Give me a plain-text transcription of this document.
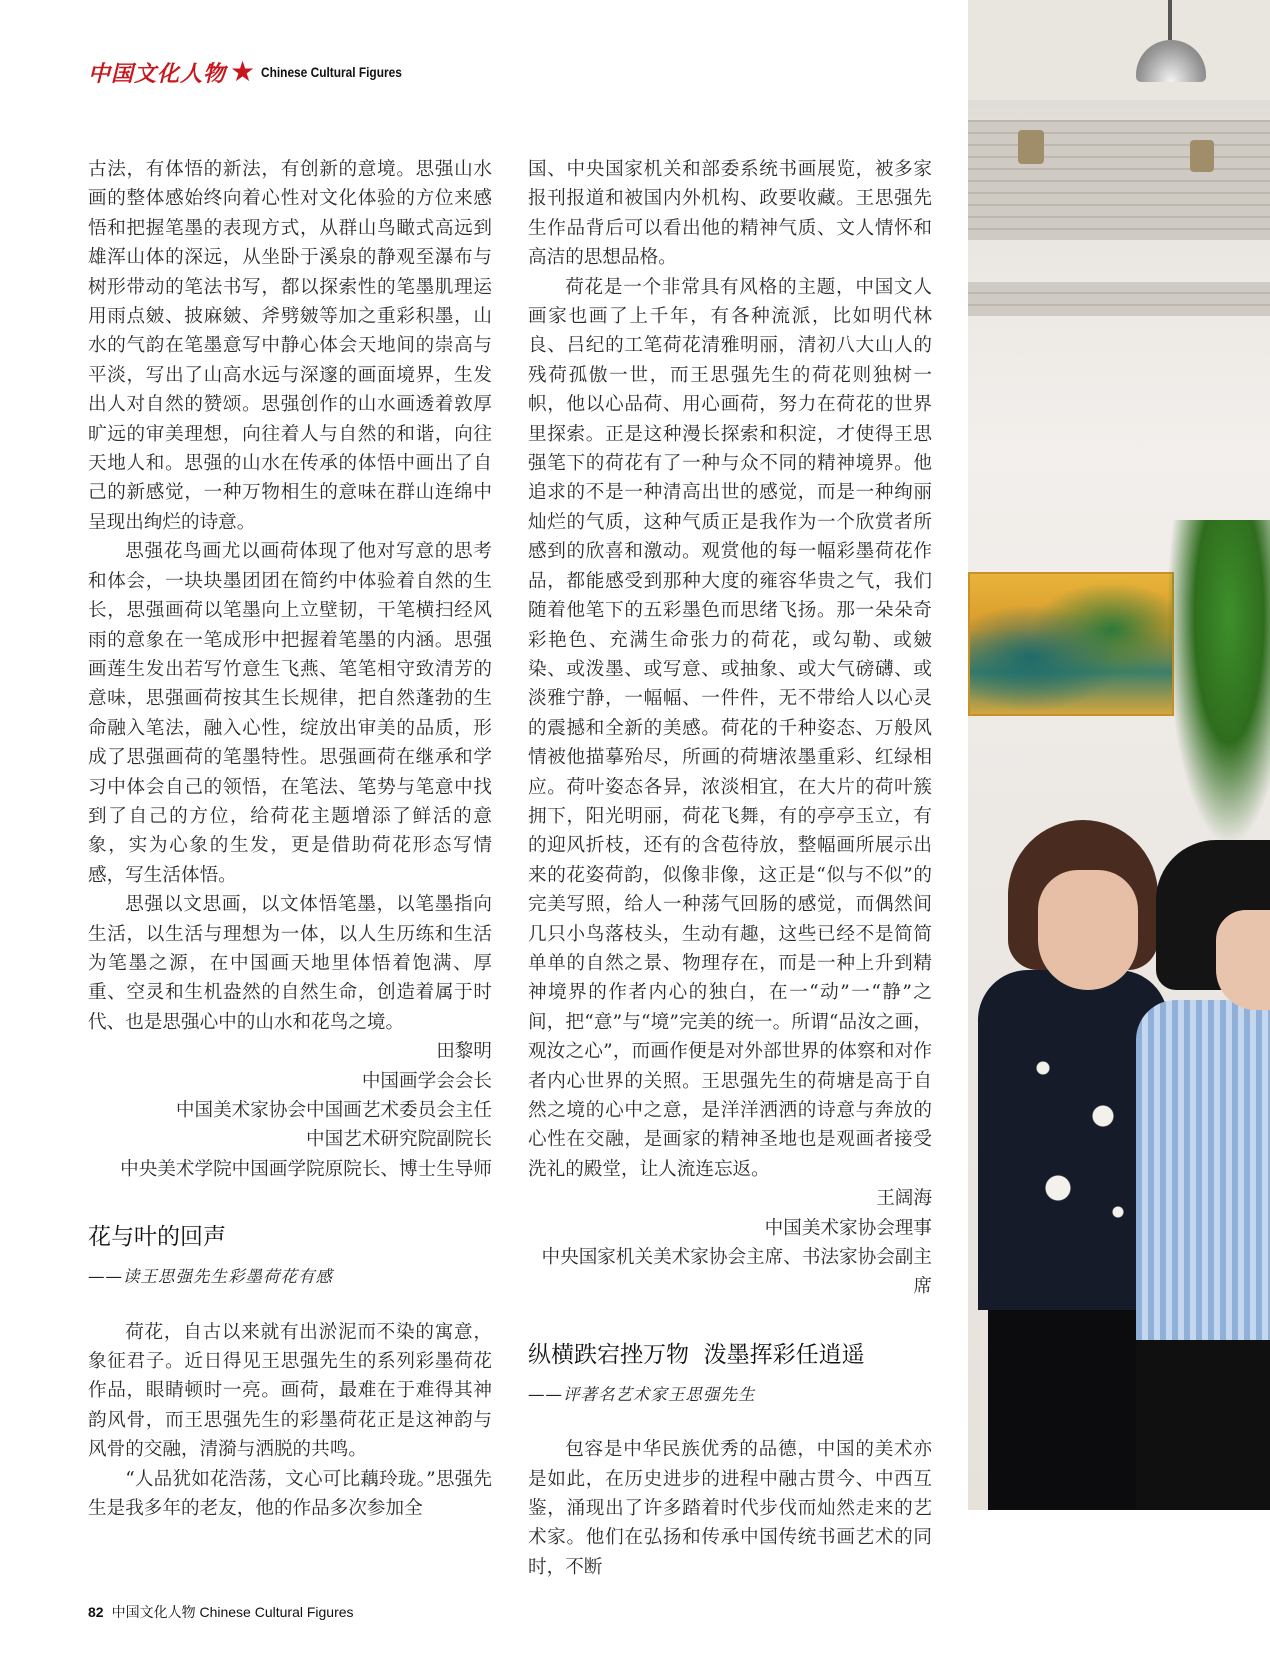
中国文化人物 ★ Chinese Cultural Figures

古法，有体悟的新法，有创新的意境。思强山水画的整体感始终向着心性对文化体验的方位来感悟和把握笔墨的表现方式，从群山鸟瞰式高远到雄浑山体的深远，从坐卧于溪泉的静观至瀑布与树形带动的笔法书写，都以探索性的笔墨肌理运用雨点皴、披麻皴、斧劈皴等加之重彩积墨，山水的气韵在笔墨意写中静心体会天地间的崇高与平淡，写出了山高水远与深邃的画面境界，生发出人对自然的赞颂。思强创作的山水画透着敦厚旷远的审美理想，向往着人与自然的和谐，向往天地人和。思强的山水在传承的体悟中画出了自己的新感觉，一种万物相生的意味在群山连绵中呈现出绚烂的诗意。

思强花鸟画尤以画荷体现了他对写意的思考和体会，一块块墨团团在简约中体验着自然的生长，思强画荷以笔墨向上立壁韧，干笔横扫经风雨的意象在一笔成形中把握着笔墨的内涵。思强画莲生发出若写竹意生飞燕、笔笔相守致清芳的意味，思强画荷按其生长规律，把自然蓬勃的生命融入笔法，融入心性，绽放出审美的品质，形成了思强画荷的笔墨特性。思强画荷在继承和学习中体会自己的领悟，在笔法、笔势与笔意中找到了自己的方位，给荷花主题增添了鲜活的意象，实为心象的生发，更是借助荷花形态写情感，写生活体悟。

思强以文思画，以文体悟笔墨，以笔墨指向生活，以生活与理想为一体，以人生历练和生活为笔墨之源，在中国画天地里体悟着饱满、厚重、空灵和生机盎然的自然生命，创造着属于时代、也是思强心中的山水和花鸟之境。

田黎明

中国画学会会长

中国美术家协会中国画艺术委员会主任

中国艺术研究院副院长

中央美术学院中国画学院原院长、博士生导师

花与叶的回声

——读王思强先生彩墨荷花有感

荷花，自古以来就有出淤泥而不染的寓意，象征君子。近日得见王思强先生的系列彩墨荷花作品，眼睛顿时一亮。画荷，最难在于难得其神韵风骨，而王思强先生的彩墨荷花正是这神韵与风骨的交融，清漪与洒脱的共鸣。

“人品犹如花浩荡，文心可比藕玲珑。”思强先生是我多年的老友，他的作品多次参加全

国、中央国家机关和部委系统书画展览，被多家报刊报道和被国内外机构、政要收藏。王思强先生作品背后可以看出他的精神气质、文人情怀和高洁的思想品格。

荷花是一个非常具有风格的主题，中国文人画家也画了上千年，有各种流派，比如明代林良、吕纪的工笔荷花清雅明丽，清初八大山人的残荷孤傲一世，而王思强先生的荷花则独树一帜，他以心品荷、用心画荷，努力在荷花的世界里探索。正是这种漫长探索和积淀，才使得王思强笔下的荷花有了一种与众不同的精神境界。他追求的不是一种清高出世的感觉，而是一种绚丽灿烂的气质，这种气质正是我作为一个欣赏者所感到的欣喜和激动。观赏他的每一幅彩墨荷花作品，都能感受到那种大度的雍容华贵之气，我们随着他笔下的五彩墨色而思绪飞扬。那一朵朵奇彩艳色、充满生命张力的荷花，或勾勒、或皴染、或泼墨、或写意、或抽象、或大气磅礴、或淡雅宁静，一幅幅、一件件，无不带给人以心灵的震撼和全新的美感。荷花的千种姿态、万般风情被他描摹殆尽，所画的荷塘浓墨重彩、红绿相应。荷叶姿态各异，浓淡相宜，在大片的荷叶簇拥下，阳光明丽，荷花飞舞，有的亭亭玉立，有的迎风折枝，还有的含苞待放，整幅画所展示出来的花姿荷韵，似像非像，这正是“似与不似”的完美写照，给人一种荡气回肠的感觉，而偶然间几只小鸟落枝头，生动有趣，这些已经不是简简单单的自然之景、物理存在，而是一种上升到精神境界的作者内心的独白，在一“动”一“静”之间，把“意”与“境”完美的统一。所谓“品汝之画，观汝之心”，而画作便是对外部世界的体察和对作者内心世界的关照。王思强先生的荷塘是高于自然之境的心中之意，是洋洋洒洒的诗意与奔放的心性在交融，是画家的精神圣地也是观画者接受洗礼的殿堂，让人流连忘返。

王阔海

中国美术家协会理事

中央国家机关美术家协会主席、书法家协会副主席

纵横跌宕挫万物  泼墨挥彩任逍遥

——评著名艺术家王思强先生

包容是中华民族优秀的品德，中国的美术亦是如此，在历史进步的进程中融古贯今、中西互鉴，涌现出了许多踏着时代步伐而灿然走来的艺术家。他们在弘扬和传承中国传统书画艺术的同时，不断

82 中国文化人物 Chinese Cultural Figures
